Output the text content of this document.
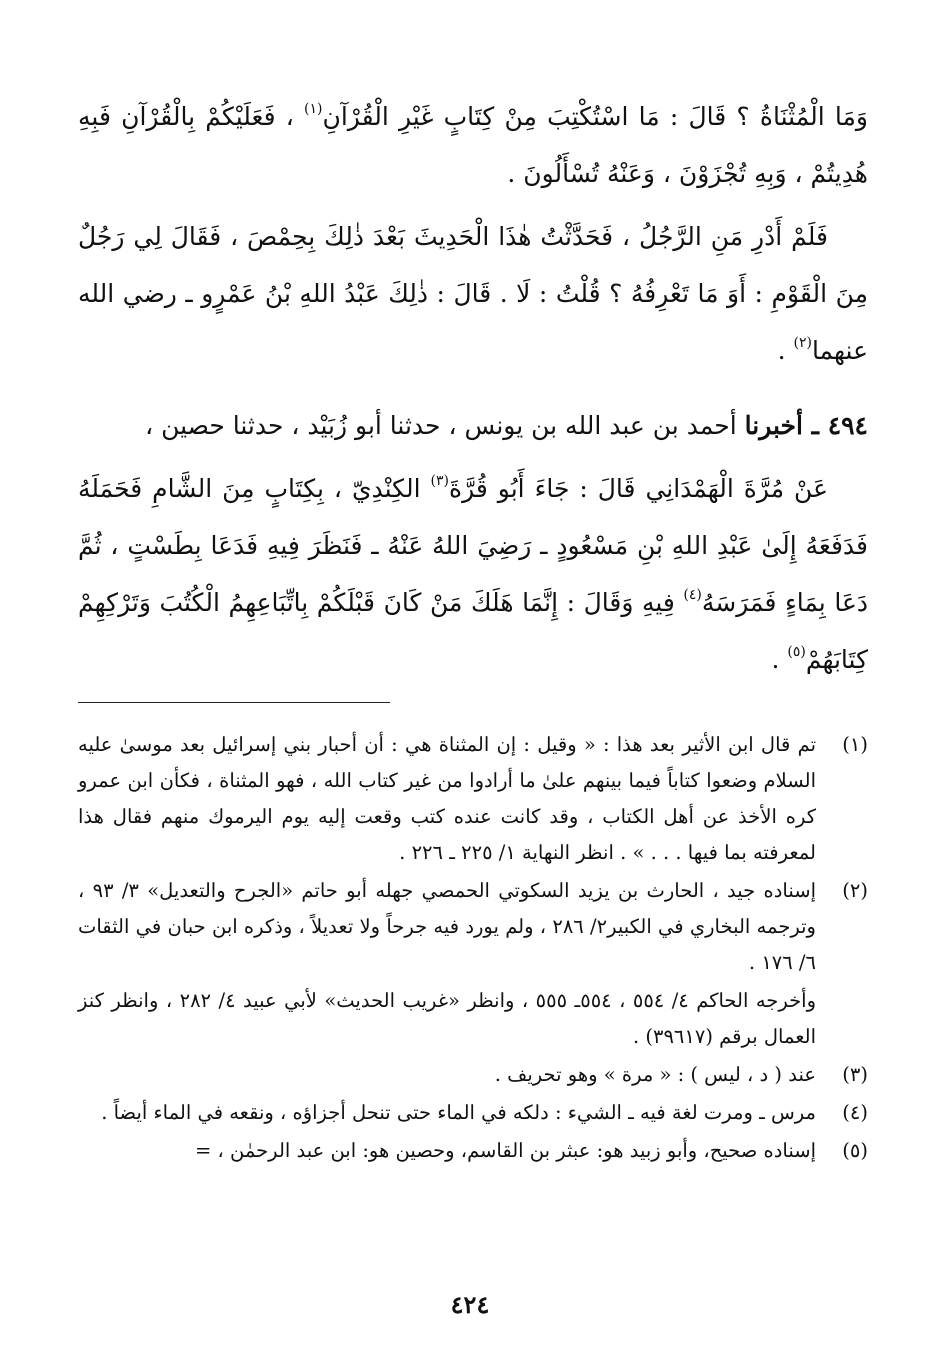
وَمَا الْمُثْنَاةُ ؟ قَالَ : مَا اسْتُكْتِبَ مِنْ كِتَابٍ غَيْرِ الْقُرْآنِ$^{(١)}$ ، فَعَلَيْكُمْ بِالْقُرْآنِ فَبِهِ هُدِيتُمْ ، وَبِهِ تُجْزَوْنَ ، وَعَنْهُ تُسْأَلُونَ .

فَلَمْ أَدْرِ مَنِ الرَّجُلُ ، فَحَدَّثْتُ هٰذَا الْحَدِيثَ بَعْدَ ذٰلِكَ بِحِمْصَ ، فَقَالَ لِي رَجُلٌ مِنَ الْقَوْمِ : أَوَ مَا تَعْرِفُهُ ؟ قُلْتُ : لَا . قَالَ : ذٰلِكَ عَبْدُ اللهِ بْنُ عَمْرٍو ـ رضي الله عنهما$^{(٢)}$ .

٤٩٤ ـ أخبرنا أحمد بن عبد الله بن يونس ، حدثنا أبو زُبَيْد ، حدثنا حصين ،

عَنْ مُرَّةَ الْهَمْدَانِي قَالَ : جَاءَ أَبُو قُرَّةَ$^{(٣)}$ الكِنْدِيّ ، بِكِتَابٍ مِنَ الشَّامِ فَحَمَلَهُ فَدَفَعَهُ إِلَىٰ عَبْدِ اللهِ بْنِ مَسْعُودٍ ـ رَضِيَ اللهُ عَنْهُ ـ فَنَظَرَ فِيهِ فَدَعَا بِطَسْتٍ ، ثُمَّ دَعَا بِمَاءٍ فَمَرَسَهُ$^{(٤)}$ فِيهِ وَقَالَ : إِنَّمَا هَلَكَ مَنْ كَانَ قَبْلَكُمْ بِاتِّبَاعِهِمُ الْكُتُبَ وَتَرْكِهِمْ كِتَابَهُمْ$^{(٥)}$ .

(١)

تم قال ابن الأثير بعد هذا : « وقيل : إن المثناة هي : أن أحبار بني إسرائيل بعد موسىٰ عليه السلام وضعوا كتاباً فيما بينهم علىٰ ما أرادوا من غير كتاب الله ، فهو المثناة ، فكأن ابن عمرو كره الأخذ عن أهل الكتاب ، وقد كانت عنده كتب وقعت إليه يوم اليرموك منهم فقال هذا لمعرفته بما فيها . . . » . انظر النهاية ١/ ٢٢٥ ـ ٢٢٦ .

(٢)

إسناده جيد ، الحارث بن يزيد السكوتي الحمصي جهله أبو حاتم «الجرح والتعديل» ٣/ ٩٣ ، وترجمه البخاري في الكبير٢/ ٢٨٦ ، ولم يورد فيه جرحاً ولا تعديلاً ، وذكره ابن حبان في الثقات ٦/ ١٧٦ .

وأخرجه الحاكم ٤/ ٥٥٤ ، ٥٥٤ـ ٥٥٥ ، وانظر «غريب الحديث» لأبي عبيد ٤/ ٢٨٢ ، وانظر كنز العمال برقم (٣٩٦١٧) .

(٣)

عند ( د ، ليس ) : « مرة » وهو تحريف .

(٤)

مرس ـ ومرت لغة فيه ـ الشيء : دلكه في الماء حتى تنحل أجزاؤه ، ونقعه في الماء أيضاً .

(٥)

إسناده صحيح، وأبو زبيد هو: عبثر بن القاسم، وحصين هو: ابن عبد الرحمٰن ، =

٤٢٤
